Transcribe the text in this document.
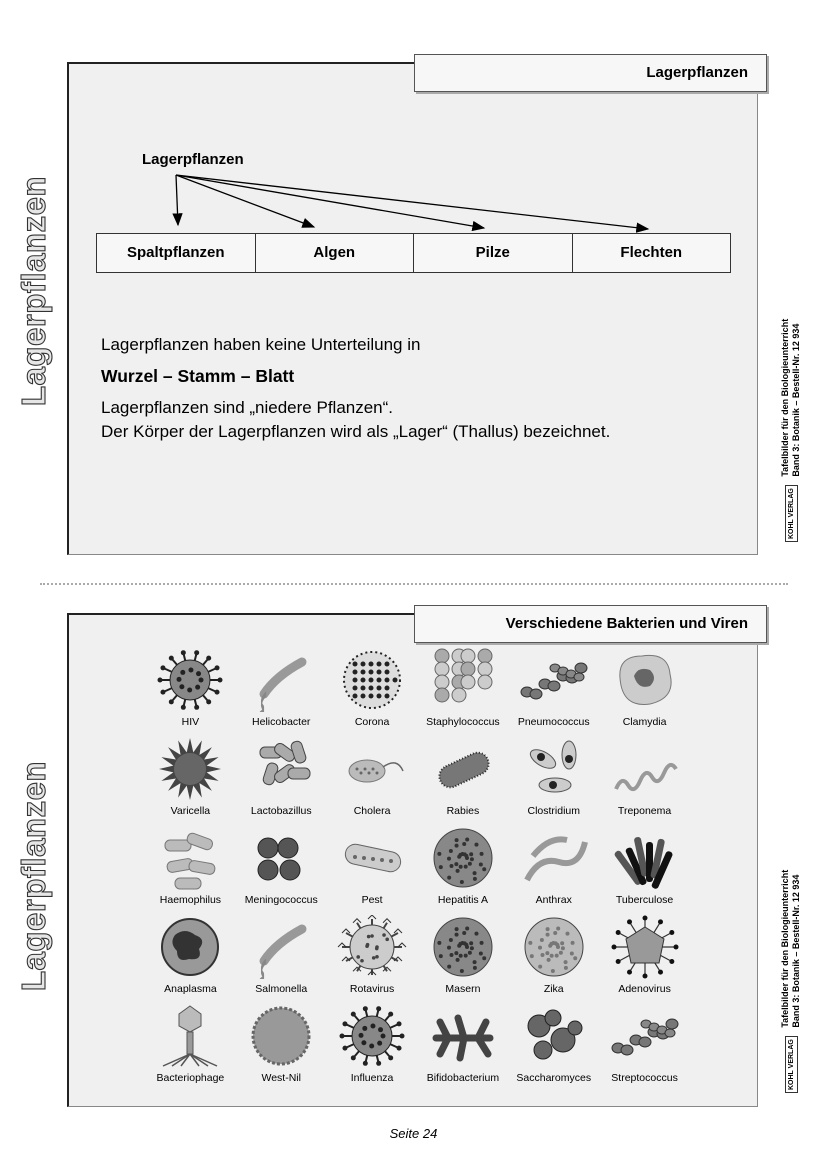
Lagerpflanzen
Lagerpflanzen
KOHL VERLAG Tafelbilder für den Biologieunterricht
Band 3: Botanik – Bestell-Nr. 12 934
Lagerpflanzen
Spaltpflanzen	Algen	Pilze	Flechten
Lagerpflanzen haben keine Unterteilung in
Wurzel – Stamm – Blatt
Lagerpflanzen sind „niedere Pflanzen“.
Der Körper der Lagerpflanzen wird als „Lager“ (Thallus) bezeichnet.
Verschiedene Bakterien und Viren
Lagerpflanzen
KOHL VERLAG Tafelbilder für den Biologieunterricht
Band 3: Botanik – Bestell-Nr. 12 934
HIV	Helicobacter	Corona	Staphylococcus	Pneumococcus	Clamydia
Varicella	Lactobazillus	Cholera	Rabies	Clostridium	Treponema
Haemophilus	Meningococcus	Pest	Hepatitis A	Anthrax	Tuberculose
Anaplasma	Salmonella	Rotavirus	Masern	Zika	Adenovirus
Bacteriophage	West-Nil	Influenza	Bifidobacterium	Saccharomyces	Streptococcus
Seite 24
